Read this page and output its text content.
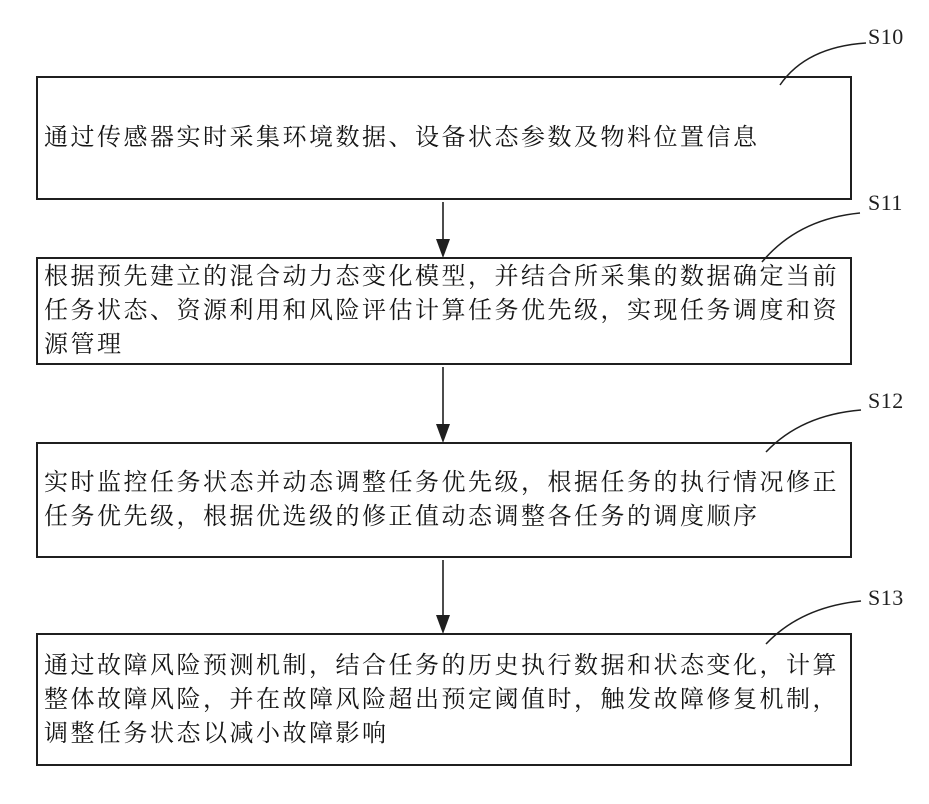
S10
S11
S12
S13
通过传感器实时采集环境数据、设备状态参数及物料位置信息
根据预先建立的混合动力态变化模型，并结合所采集的数据确定当前任务状态、资源利用和风险评估计算任务优先级，实现任务调度和资源管理
实时监控任务状态并动态调整任务优先级，根据任务的执行情况修正任务优先级，根据优选级的修正值动态调整各任务的调度顺序
通过故障风险预测机制，结合任务的历史执行数据和状态变化，计算整体故障风险，并在故障风险超出预定阈值时，触发故障修复机制，调整任务状态以减小故障影响
